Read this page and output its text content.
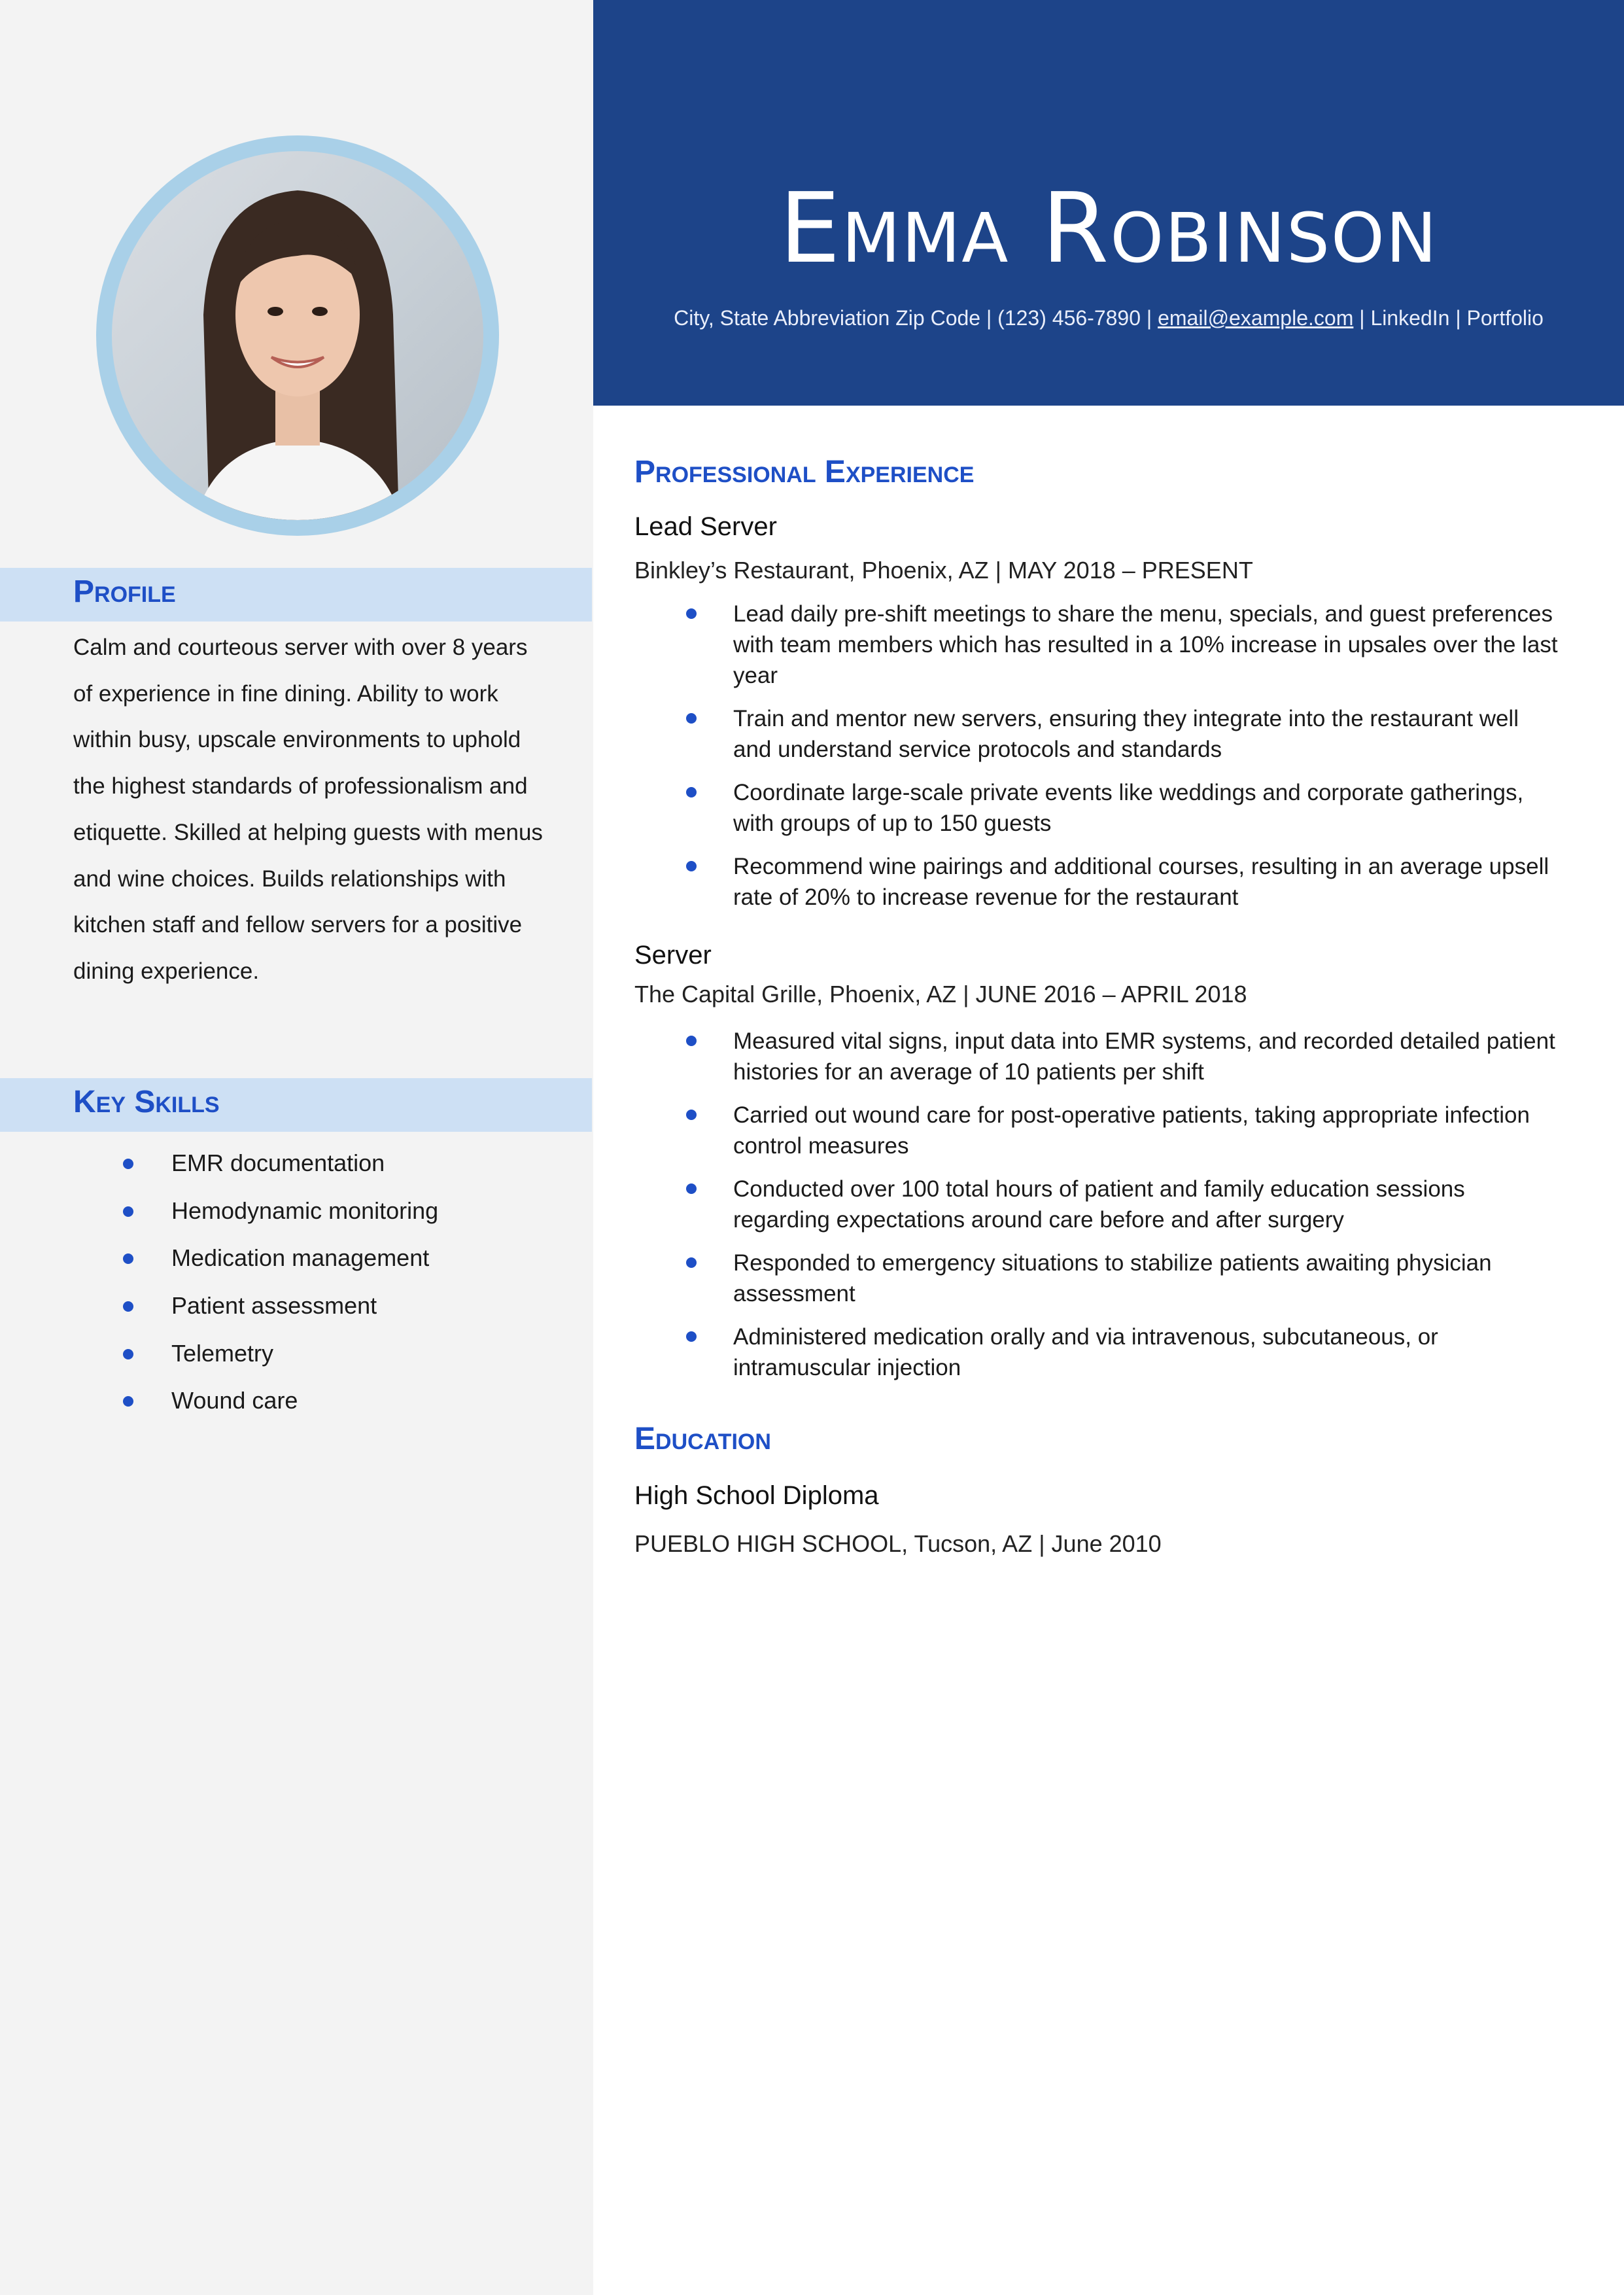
Emma Robinson
City, State Abbreviation Zip Code | (123) 456-7890 | email@example.com | LinkedIn | Portfolio
Profile
Calm and courteous server with over 8 years of experience in fine dining. Ability to work within busy, upscale environments to uphold the highest standards of professionalism and etiquette. Skilled at helping guests with menus and wine choices. Builds relationships with kitchen staff and fellow servers for a positive dining experience.
Key Skills
EMR documentation
Hemodynamic monitoring
Medication management
Patient assessment
Telemetry
Wound care
Professional Experience
Lead Server
Binkley’s Restaurant, Phoenix, AZ | MAY 2018 – PRESENT
Lead daily pre-shift meetings to share the menu, specials, and guest preferences with team members which has resulted in a 10% increase in upsales over the last year
Train and mentor new servers, ensuring they integrate into the restaurant well and understand service protocols and standards
Coordinate large-scale private events like weddings and corporate gatherings, with groups of up to 150 guests
Recommend wine pairings and additional courses, resulting in an average upsell rate of 20% to increase revenue for the restaurant
Server
The Capital Grille, Phoenix, AZ | JUNE 2016 – APRIL 2018
Measured vital signs, input data into EMR systems, and recorded detailed patient histories for an average of 10 patients per shift
Carried out wound care for post-operative patients, taking appropriate infection control measures
Conducted over 100 total hours of patient and family education sessions regarding expectations around care before and after surgery
Responded to emergency situations to stabilize patients awaiting physician assessment
Administered medication orally and via intravenous, subcutaneous, or intramuscular injection
Education
High School Diploma
PUEBLO HIGH SCHOOL, Tucson, AZ | June 2010
